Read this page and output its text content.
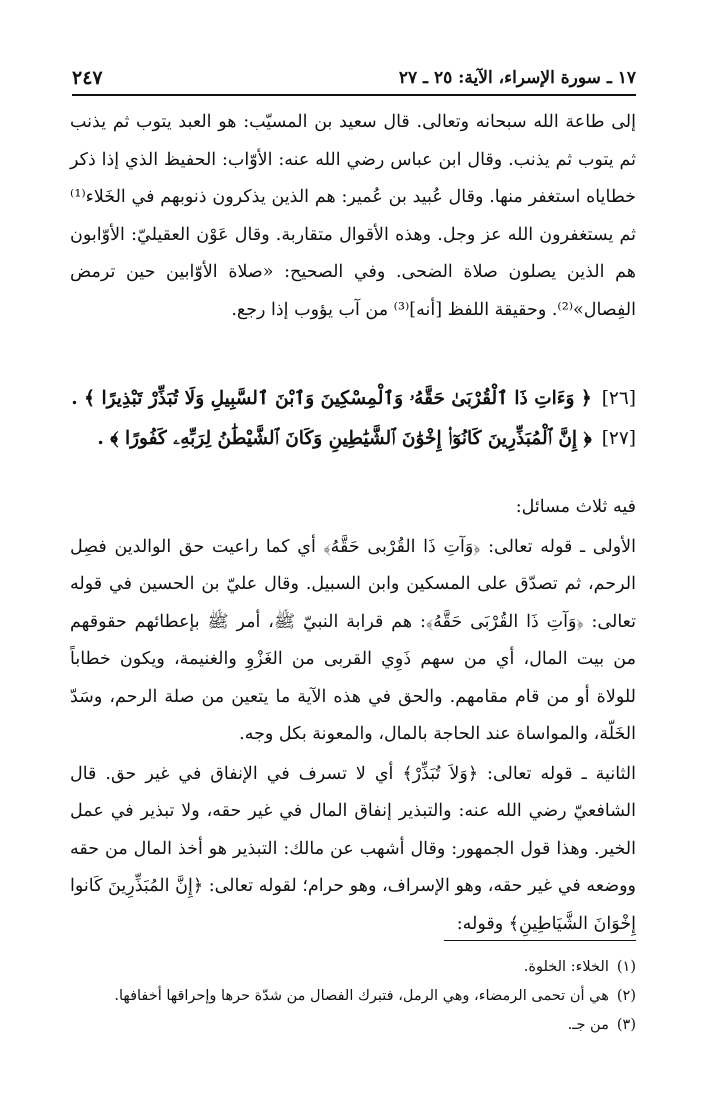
١٧ ـ سورة الإسراء، الآية: ٢٥ ـ ٢٧
٢٤٧

إلى طاعة الله سبحانه وتعالى. قال سعيد بن المسيّب: هو العبد يتوب ثم يذنب ثم يتوب ثم يذنب. وقال ابن عباس رضي الله عنه: الأوّاب: الحفيظ الذي إذا ذكر خطاياه استغفر منها. وقال عُبيد بن عُمير: هم الذين يذكرون ذنوبهم في الخَلاء⁽¹⁾ ثم يستغفرون الله عز وجل. وهذه الأقوال متقاربة. وقال عَوْن العقيليّ: الأوّابون هم الذين يصلون صلاة الضحى. وفي الصحيح: «صلاة الأوّابين حين ترمض الفِصال»⁽²⁾. وحقيقة اللفظ [أنه]⁽³⁾ من آب يؤوب إذا رجع.

[٢٦]
﴿ وَءَاتِ ذَا ٱلْقُرْبَىٰ حَقَّهُۥ وَٱلْمِسْكِينَ وَٱبْنَ ٱلسَّبِيلِ وَلَا تُبَذِّرْ تَبْذِيرًا ﴾ .
[٢٧]
﴿ إِنَّ ٱلْمُبَذِّرِينَ كَانُوٓا۟ إِخْوَٰنَ ٱلشَّيَٰطِينِ وَكَانَ ٱلشَّيْطَٰنُ لِرَبِّهِۦ كَفُورًا ﴾ .

فيه ثلاث مسائل:

الأولى ـ قوله تعالى: ﴿وَآتِ ذَا القُرْبى حَقَّهُ﴾ أي كما راعيت حق الوالدين فصِل الرحم، ثم تصدّق على المسكين وابن السبيل. وقال عليّ بن الحسين في قوله تعالى: ﴿وَآتِ ذَا القُرْبَى حَقَّهُ﴾: هم قرابة النبيّ ﷺ، أمر ﷺ بإعطائهم حقوقهم من بيت المال، أي من سهم ذَوِي القربى من الغَزْوِ والغنيمة، ويكون خطاباً للولاة أو من قام مقامهم. والحق في هذه الآية ما يتعين من صلة الرحم، وسَدّ الخَلّة، والمواساة عند الحاجة بالمال، والمعونة بكل وجه.

الثانية ـ قوله تعالى: ﴿وَلاَ تُبَذِّرْ﴾ أي لا تسرف في الإنفاق في غير حق. قال الشافعيّ رضي الله عنه: والتبذير إنفاق المال في غير حقه، ولا تبذير في عمل الخير. وهذا قول الجمهور: وقال أشهب عن مالك: التبذير هو أخذ المال من حقه ووضعه في غير حقه، وهو الإسراف، وهو حرام؛ لقوله تعالى: ﴿إِنَّ المُبَذِّرِينَ كَانوا إِخْوَانَ الشَّيَاطِينِ﴾ وقوله:

(١)
الخلاء: الخلوة.
(٢)
هي أن تحمى الرمضاء، وهي الرمل، فتبرك الفصال من شدّة حرها وإحراقها أخفافها.
(٣)
من جـ.
